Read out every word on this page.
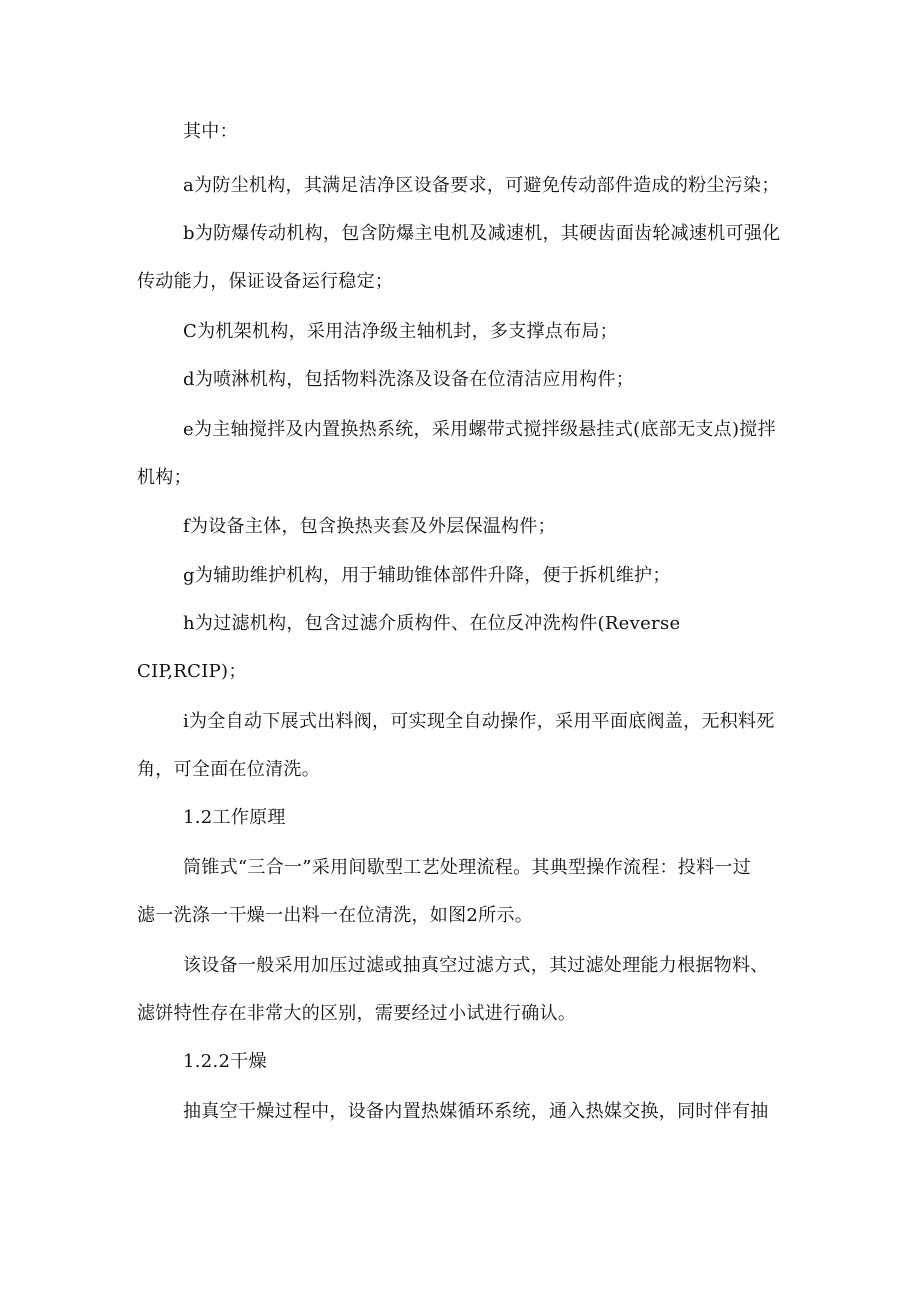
其中：
a为防尘机构，其满足洁净区设备要求，可避免传动部件造成的粉尘污染；
b为防爆传动机构，包含防爆主电机及减速机，其硬齿面齿轮减速机可强化
传动能力，保证设备运行稳定；
C为机架机构，采用洁净级主轴机封，多支撑点布局；
d为喷淋机构，包括物料洗涤及设备在位清洁应用构件；
e为主轴搅拌及内置换热系统，采用螺带式搅拌级悬挂式(底部无支点)搅拌
机构；
f为设备主体，包含换热夹套及外层保温构件；
g为辅助维护机构，用于辅助锥体部件升降，便于拆机维护；
h为过滤机构，包含过滤介质构件、在位反冲洗构件(Reverse
CIP,RCIP)；
i为全自动下展式出料阀，可实现全自动操作，采用平面底阀盖，无积料死
角，可全面在位清洗。
1.2工作原理
筒锥式“三合一”采用间歇型工艺处理流程。其典型操作流程：投料一过
滤一洗涤一干燥一出料一在位清洗，如图2所示。
该设备一般采用加压过滤或抽真空过滤方式，其过滤处理能力根据物料、
滤饼特性存在非常大的区别，需要经过小试进行确认。
1.2.2干燥
抽真空干燥过程中，设备内置热媒循环系统，通入热媒交换，同时伴有抽
